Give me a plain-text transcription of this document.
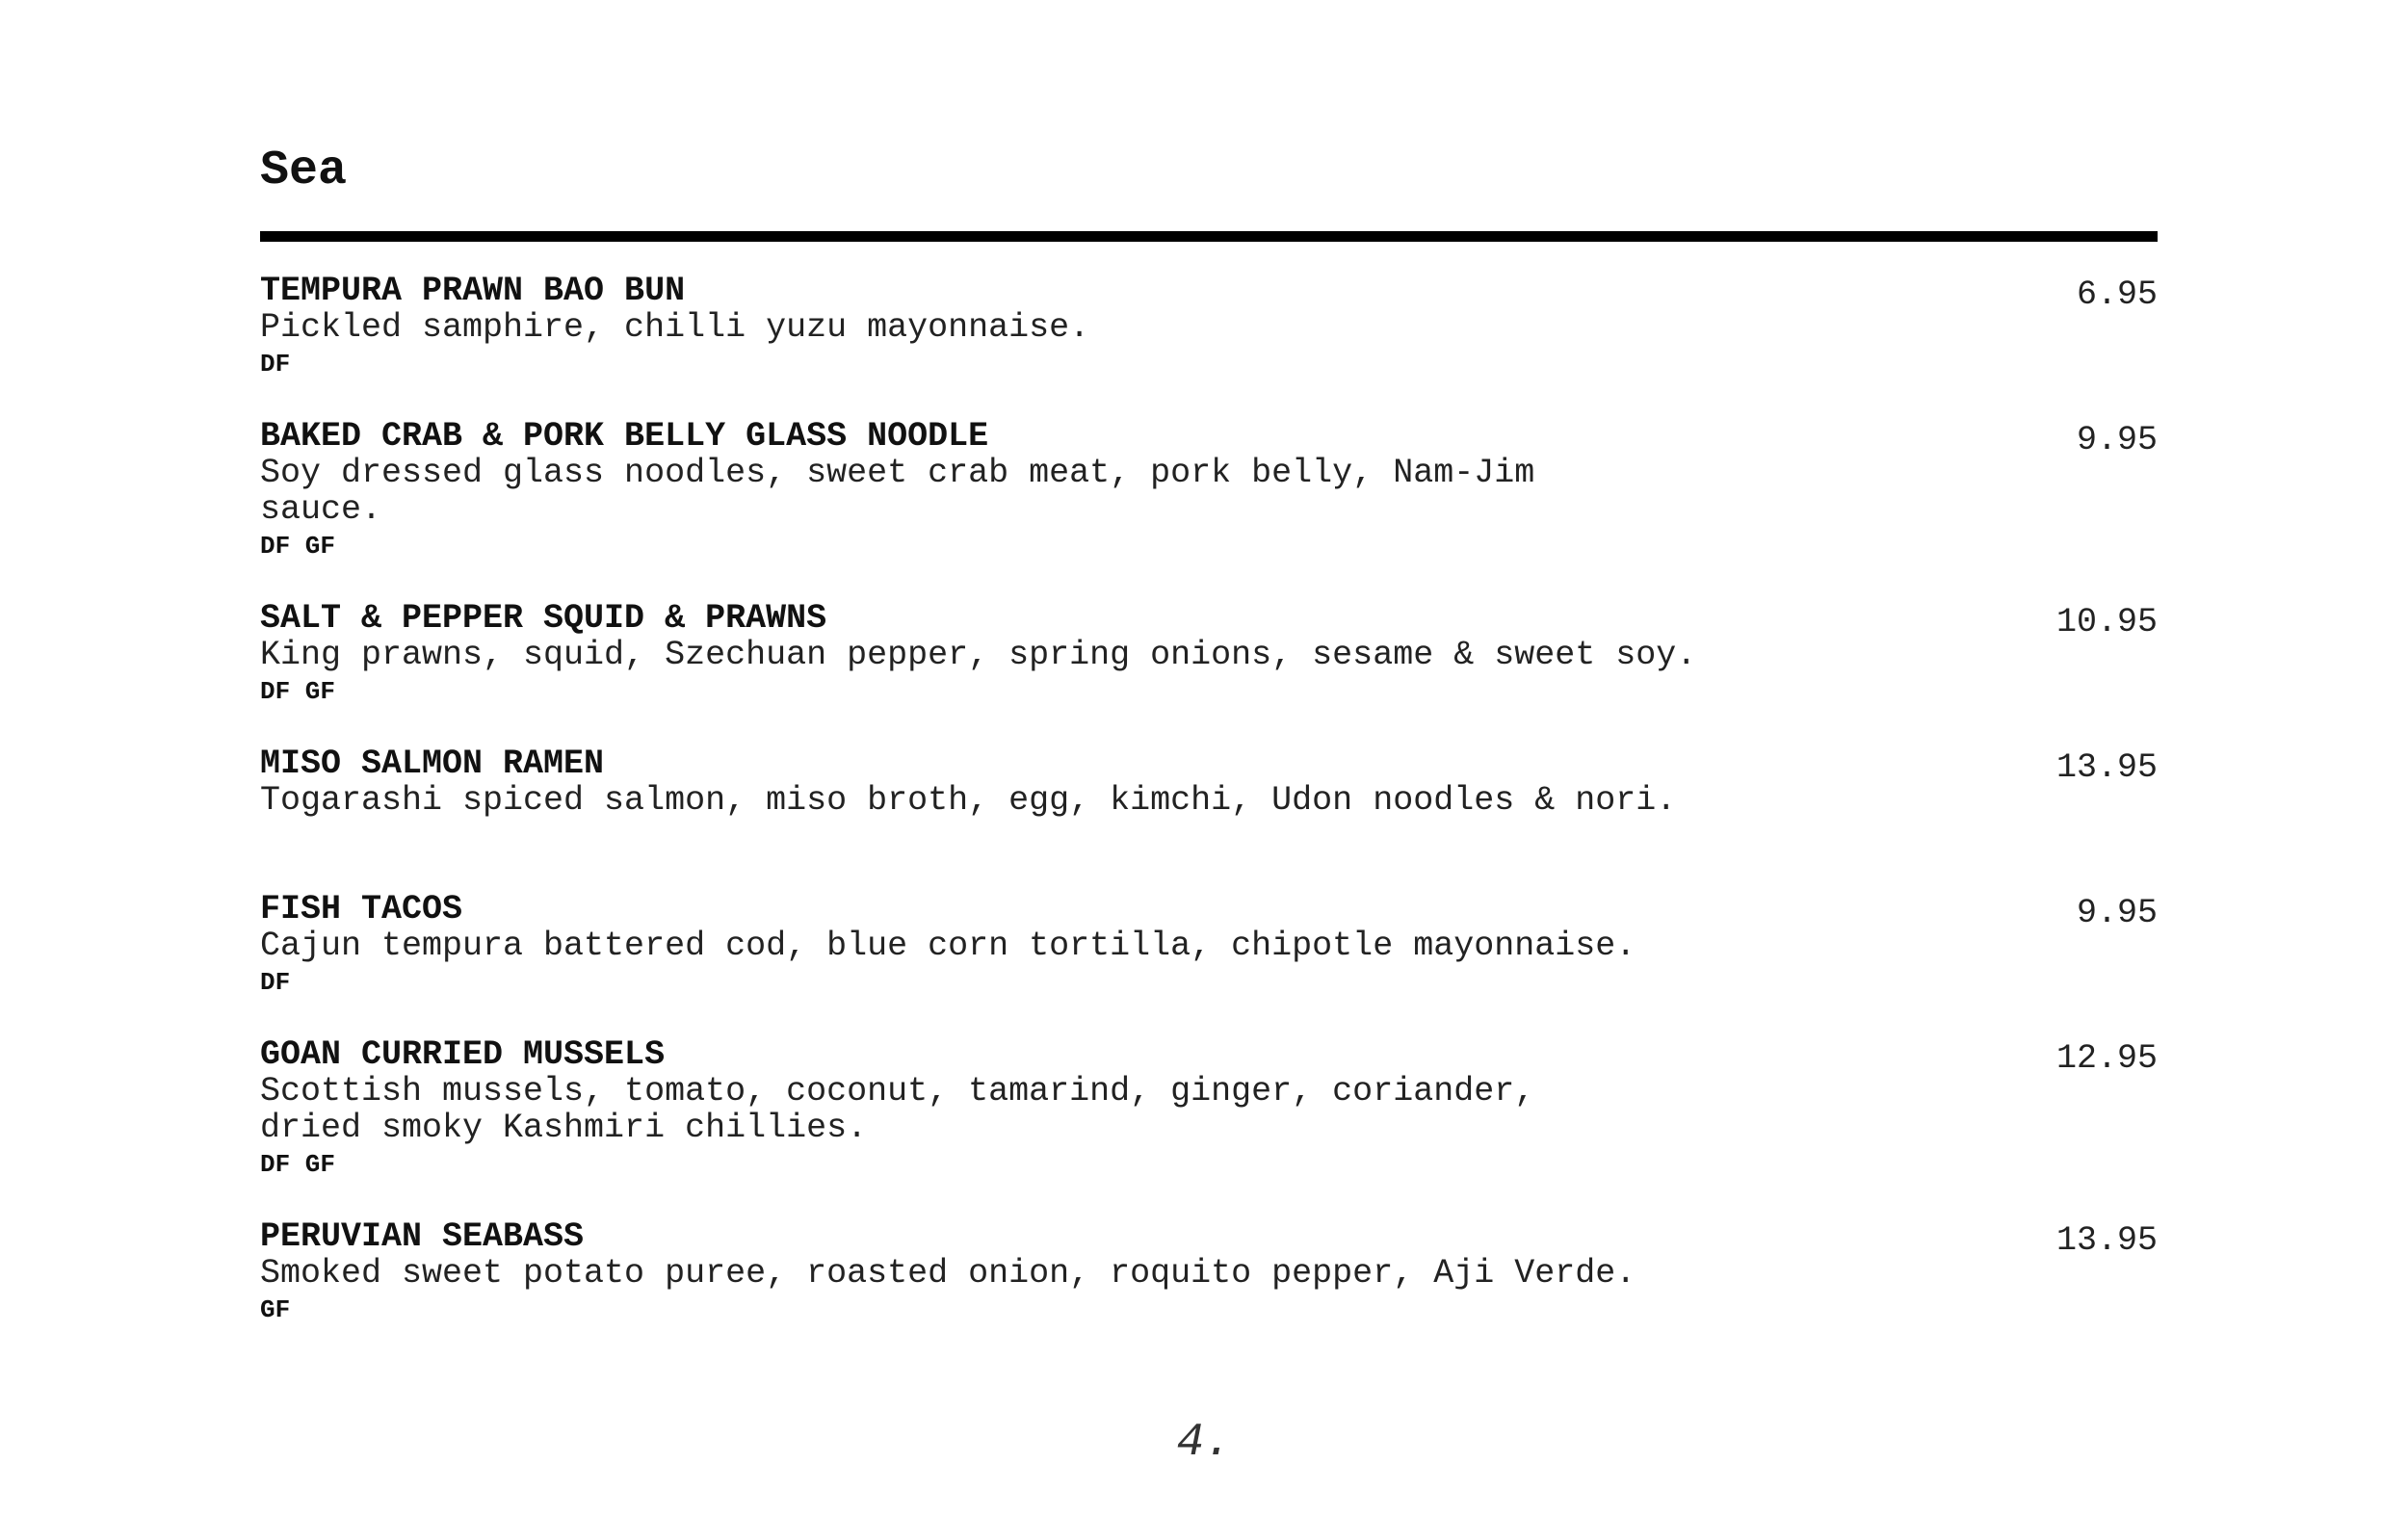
Sea
TEMPURA PRAWN BAO BUN
Pickled samphire, chilli yuzu mayonnaise.
DF
6.95
BAKED CRAB & PORK BELLY GLASS NOODLE
Soy dressed glass noodles, sweet crab meat, pork belly, Nam-Jim
sauce.
DF GF
9.95
SALT & PEPPER SQUID & PRAWNS
King prawns, squid, Szechuan pepper, spring onions, sesame & sweet soy.
DF GF
10.95
MISO SALMON RAMEN
Togarashi spiced salmon, miso broth, egg, kimchi, Udon noodles & nori.
13.95
FISH TACOS
Cajun tempura battered cod, blue corn tortilla, chipotle mayonnaise.
DF
9.95
GOAN CURRIED MUSSELS
Scottish mussels, tomato, coconut, tamarind, ginger, coriander,
dried smoky Kashmiri chillies.
DF GF
12.95
PERUVIAN SEABASS
Smoked sweet potato puree, roasted onion, roquito pepper, Aji Verde.
GF
13.95
4.
